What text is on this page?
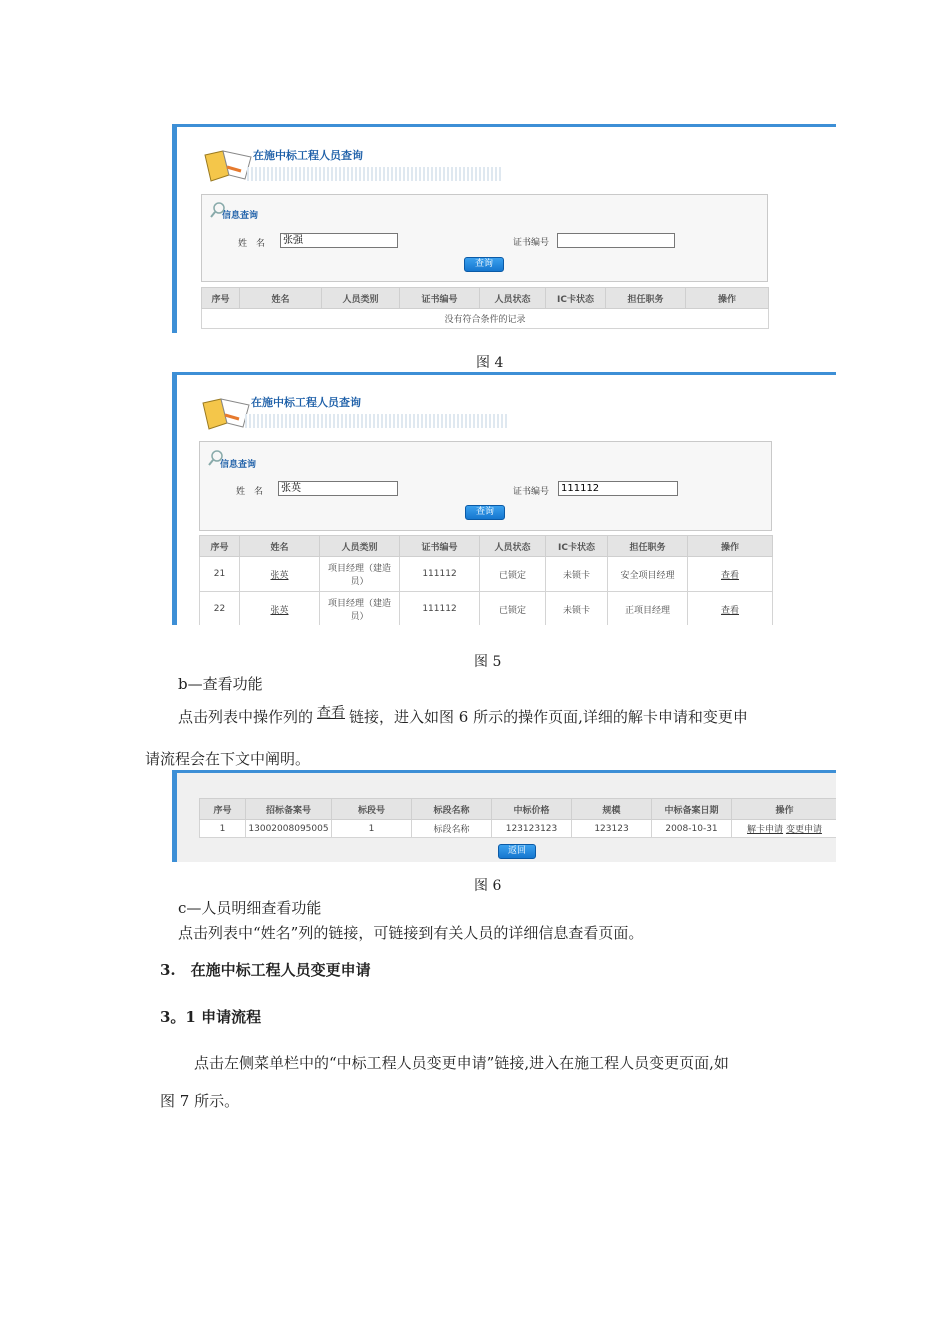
在施中标工程人员查询
信息查询
姓　名	张强	证书编号
查询
序号	姓名	人员类别	证书编号	人员状态	IC卡状态	担任职务	操作
没有符合条件的记录
图 4
在施中标工程人员查询
信息查询
姓　名	张英	证书编号	111112
查询
序号	姓名	人员类别	证书编号	人员状态	IC卡状态	担任职务	操作
21	张英	项目经理（建造员）	111112	已锁定	未锁卡	安全项目经理	查看
22	张英	项目经理（建造员）	111112	已锁定	未锁卡	正项目经理	查看
图 5
b—查看功能
点击列表中操作列的 查看 链接，进入如图 6 所示的操作页面,详细的解卡申请和变更申
请流程会在下文中阐明。
序号	招标备案号	标段号	标段名称	中标价格	规模	中标备案日期	操作
1	13002008095005	1	标段名称	123123123	123123	2008-10-31	解卡申请 变更申请
返回
图 6
c—人员明细查看功能
点击列表中“姓名”列的链接，可链接到有关人员的详细信息查看页面。
3.　在施中标工程人员变更申请
3。1 申请流程
点击左侧菜单栏中的“中标工程人员变更申请”链接,进入在施工程人员变更页面,如
图 7 所示。
